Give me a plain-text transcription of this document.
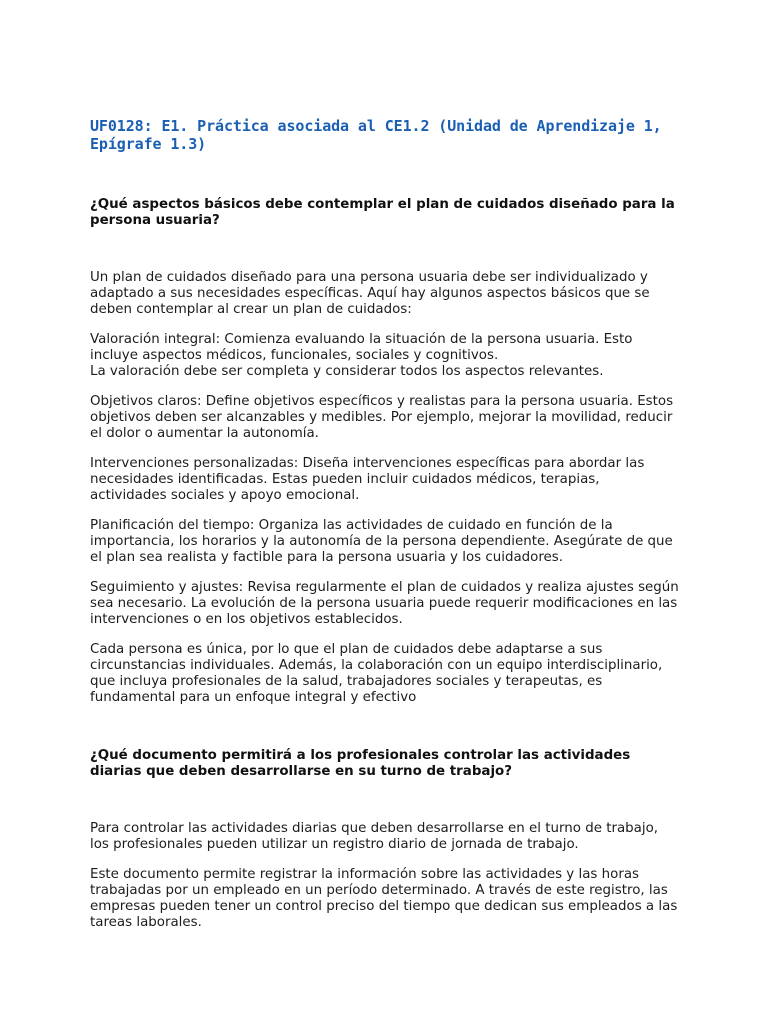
UF0128: E1. Práctica asociada al CE1.2 (Unidad de Aprendizaje 1, Epígrafe 1.3)
¿Qué aspectos básicos debe contemplar el plan de cuidados diseñado para la persona usuaria?

Un plan de cuidados diseñado para una persona usuaria debe ser individualizado y adaptado a sus necesidades específicas. Aquí hay algunos aspectos básicos que se deben contemplar al crear un plan de cuidados:

Valoración integral: Comienza evaluando la situación de la persona usuaria. Esto incluye aspectos médicos, funcionales, sociales y cognitivos.
La valoración debe ser completa y considerar todos los aspectos relevantes.

Objetivos claros: Define objetivos específicos y realistas para la persona usuaria. Estos objetivos deben ser alcanzables y medibles. Por ejemplo, mejorar la movilidad, reducir el dolor o aumentar la autonomía.

Intervenciones personalizadas: Diseña intervenciones específicas para abordar las necesidades identificadas. Estas pueden incluir cuidados médicos, terapias, actividades sociales y apoyo emocional.

Planificación del tiempo: Organiza las actividades de cuidado en función de la importancia, los horarios y la autonomía de la persona dependiente. Asegúrate de que el plan sea realista y factible para la persona usuaria y los cuidadores.

Seguimiento y ajustes: Revisa regularmente el plan de cuidados y realiza ajustes según sea necesario. La evolución de la persona usuaria puede requerir modificaciones en las intervenciones o en los objetivos establecidos.

Cada persona es única, por lo que el plan de cuidados debe adaptarse a sus circunstancias individuales. Además, la colaboración con un equipo interdisciplinario, que incluya profesionales de la salud, trabajadores sociales y terapeutas, es fundamental para un enfoque integral y efectivo

¿Qué documento permitirá a los profesionales controlar las actividades diarias que deben desarrollarse en su turno de trabajo?

Para controlar las actividades diarias que deben desarrollarse en el turno de trabajo, los profesionales pueden utilizar un registro diario de jornada de trabajo.

Este documento permite registrar la información sobre las actividades y las horas trabajadas por un empleado en un período determinado. A través de este registro, las empresas pueden tener un control preciso del tiempo que dedican sus empleados a las tareas laborales.
